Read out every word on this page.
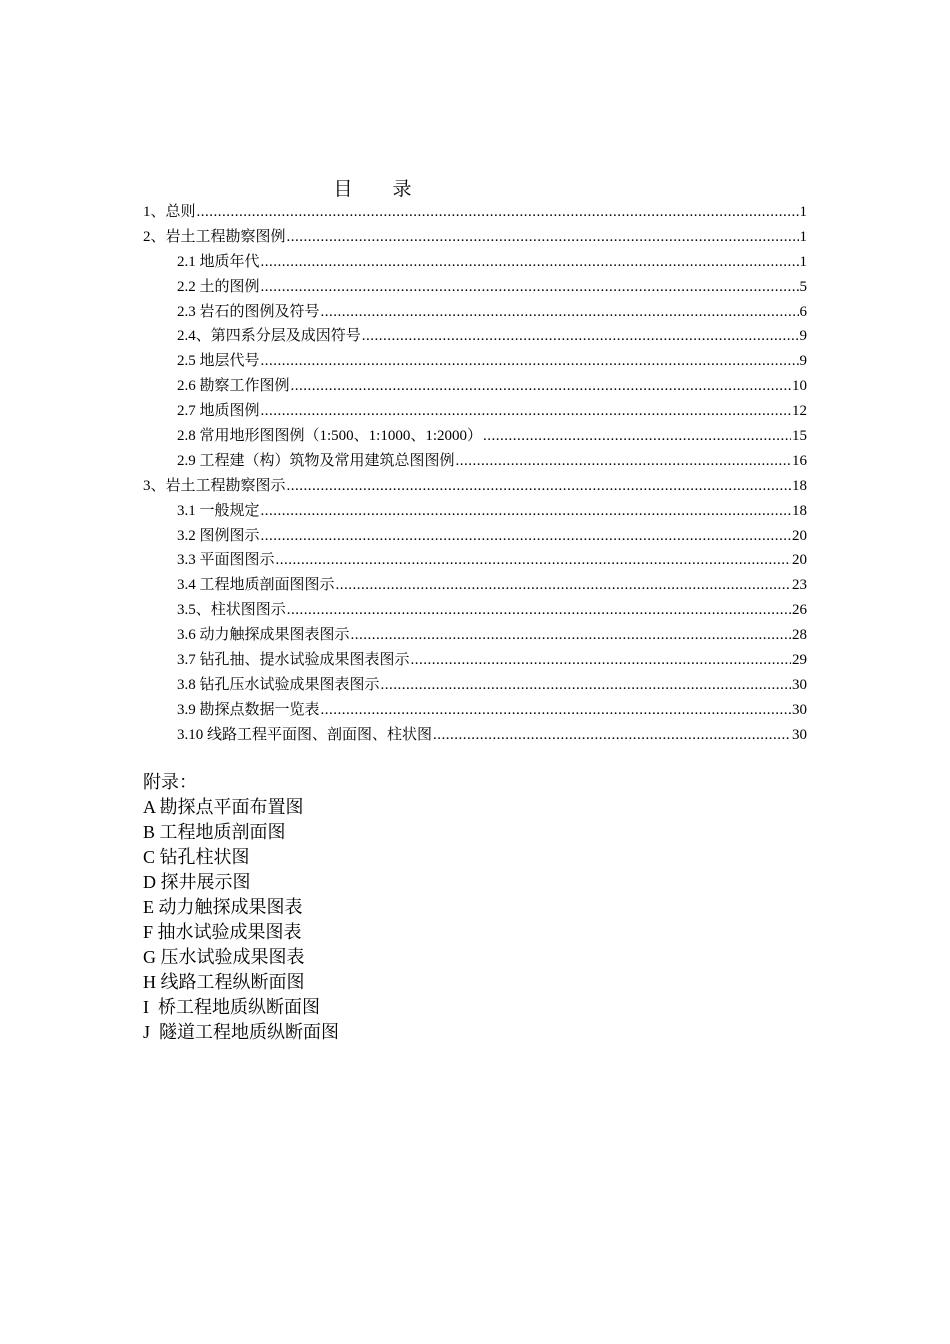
目 录
1、总则 .....	1
2、岩土工程勘察图例 .....	1
2.1 地质年代 .....	1
2.2 土的图例 .....	5
2.3 岩石的图例及符号 .....	6
2.4、第四系分层及成因符号 .....	9
2.5 地层代号 .....	9
2.6 勘察工作图例 .....	10
2.7 地质图例 .....	12
2.8 常用地形图图例（1:500、1:1000、1:2000） .....	15
2.9 工程建（构）筑物及常用建筑总图图例 .....	16
3、岩土工程勘察图示 .....	18
3.1 一般规定 .....	18
3.2 图例图示 .....	20
3.3 平面图图示 .....	20
3.4 工程地质剖面图图示 .....	23
3.5、柱状图图示 .....	26
3.6 动力触探成果图表图示 .....	28
3.7 钻孔抽、提水试验成果图表图示 .....	29
3.8 钻孔压水试验成果图表图示 .....	30
3.9 勘探点数据一览表 .....	30
3.10 线路工程平面图、剖面图、柱状图 .....	30
附录：
A 勘探点平面布置图
B 工程地质剖面图
C 钻孔柱状图
D 探井展示图
E 动力触探成果图表
F 抽水试验成果图表
G 压水试验成果图表
H 线路工程纵断面图
I  桥工程地质纵断面图
J  隧道工程地质纵断面图
